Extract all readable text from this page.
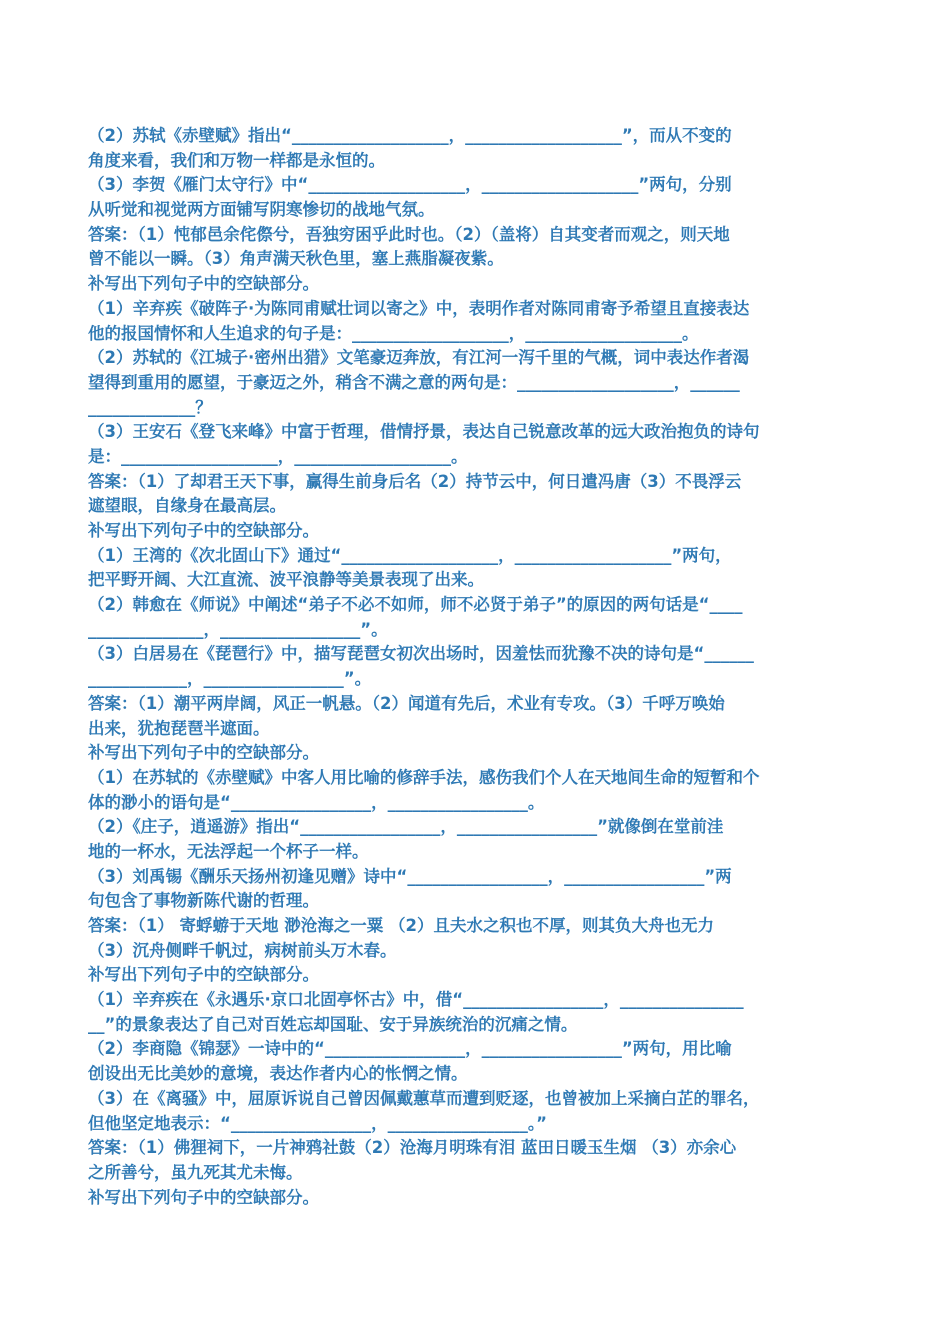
（2）苏轼《赤壁赋》指出“___________________，___________________”，而从不变的
角度来看，我们和万物一样都是永恒的。
（3）李贺《雁门太守行》中“___________________，___________________”两句，分别
从听觉和视觉两方面铺写阴寒惨切的战地气氛。
答案：（1）忳郁邑余侘傺兮，吾独穷困乎此时也。（2）（盖将）自其变者而观之，则天地
曾不能以一瞬。（3）角声满天秋色里，塞上燕脂凝夜紫。
补写出下列句子中的空缺部分。
（1）辛弃疾《破阵子·为陈同甫赋壮词以寄之》中，表明作者对陈同甫寄予希望且直接表达
他的报国情怀和人生追求的句子是：___________________，___________________。
（2）苏轼的《江城子·密州出猎》文笔豪迈奔放，有江河一泻千里的气概，词中表达作者渴
望得到重用的愿望，于豪迈之外，稍含不满之意的两句是：___________________，______
_____________？
（3）王安石《登飞来峰》中富于哲理，借情抒景，表达自己锐意改革的远大政治抱负的诗句
是：___________________，___________________。
答案：（1）了却君王天下事，赢得生前身后名（2）持节云中，何日遣冯唐（3）不畏浮云
遮望眼，自缘身在最高层。
补写出下列句子中的空缺部分。
（1）王湾的《次北固山下》通过“___________________，___________________”两句，
把平野开阔、大江直流、波平浪静等美景表现了出来。
（2）韩愈在《师说》中阐述“弟子不必不如师，师不必贤于弟子”的原因的两句话是“____
______________，_________________”。
（3）白居易在《琵琶行》中，描写琵琶女初次出场时，因羞怯而犹豫不决的诗句是“______
____________，_________________”。
答案：（1）潮平两岸阔，风正一帆悬。（2）闻道有先后，术业有专攻。（3）千呼万唤始
出来，犹抱琵琶半遮面。
补写出下列句子中的空缺部分。
（1）在苏轼的《赤壁赋》中客人用比喻的修辞手法，感伤我们个人在天地间生命的短暂和个
体的渺小的语句是“_________________，_________________。
（2）《庄子，逍遥游》指出“_________________，_________________”就像倒在堂前洼
地的一杯水，无法浮起一个杯子一样。
（3）刘禹锡《酬乐天扬州初逢见赠》诗中“_________________，_________________”两
句包含了事物新陈代谢的哲理。
答案：（1） 寄蜉蝣于天地 渺沧海之一粟 （2）且夫水之积也不厚，则其负大舟也无力
（3）沉舟侧畔千帆过，病树前头万木春。
补写出下列句子中的空缺部分。
（1）辛弃疾在《永遇乐·京口北固亭怀古》中，借“_________________，_______________
__”的景象表达了自己对百姓忘却国耻、安于异族统治的沉痛之情。
（2）李商隐《锦瑟》一诗中的“_________________，_________________”两句，用比喻
创设出无比美妙的意境，表达作者内心的怅惘之情。
（3）在《离骚》中，屈原诉说自己曾因佩戴蕙草而遭到贬逐，也曾被加上采摘白芷的罪名，
但他坚定地表示：“_________________，_________________。”
答案：（1）佛狸祠下，一片神鸦社鼓（2）沧海月明珠有泪 蓝田日暖玉生烟 （3）亦余心
之所善兮，虽九死其尤未悔。
补写出下列句子中的空缺部分。
